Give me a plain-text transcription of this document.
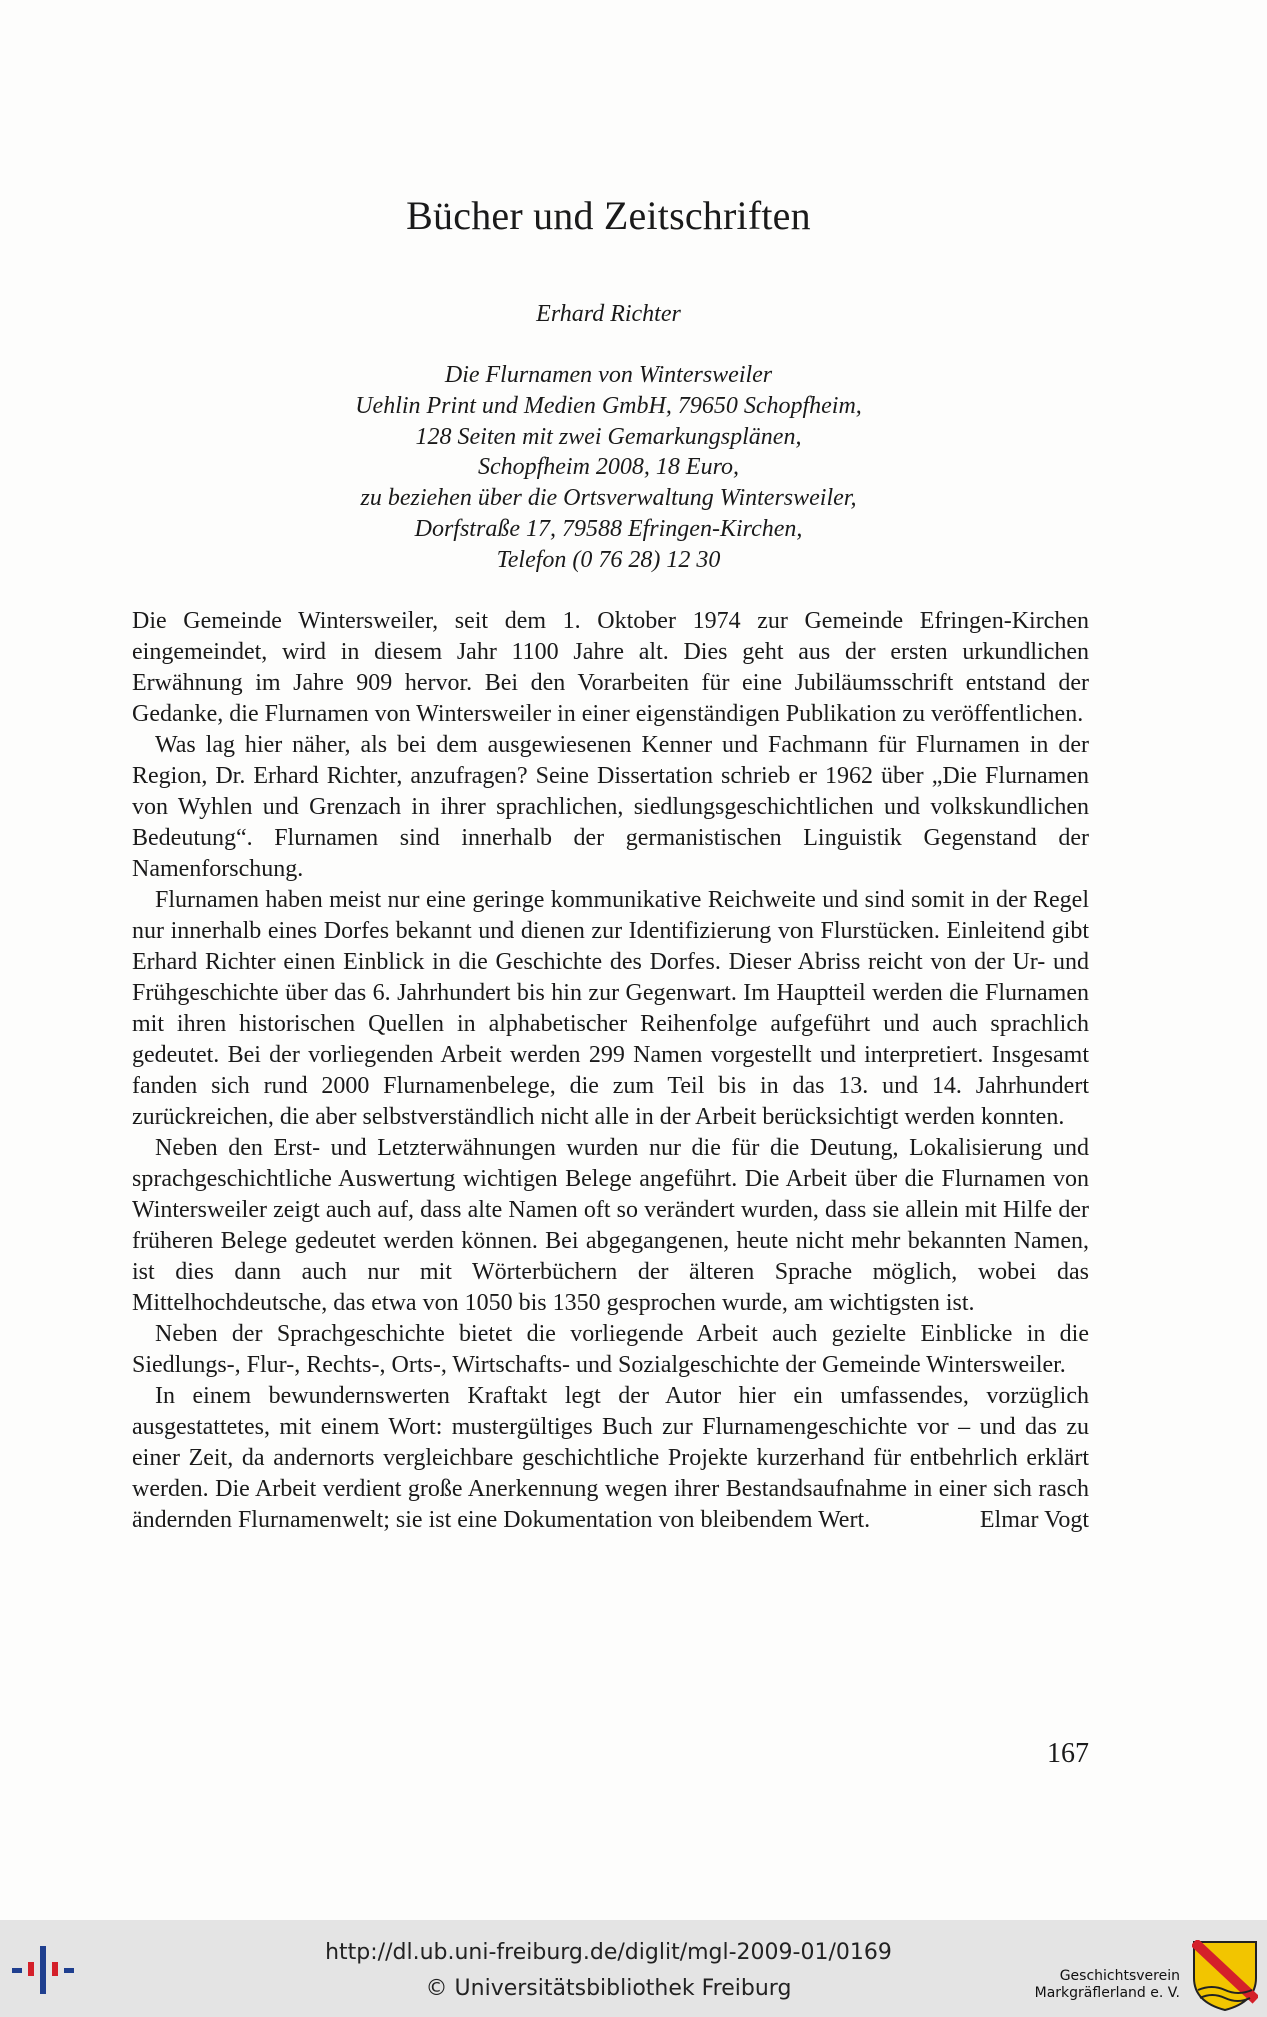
Bücher und Zeitschriften
Erhard Richter
Die Flurnamen von Wintersweiler
Uehlin Print und Medien GmbH, 79650 Schopfheim,
128 Seiten mit zwei Gemarkungsplänen,
Schopfheim 2008, 18 Euro,
zu beziehen über die Ortsverwaltung Wintersweiler,
Dorfstraße 17, 79588 Efringen-Kirchen,
Telefon (0 76 28) 12 30

Die Gemeinde Wintersweiler, seit dem 1. Oktober 1974 zur Gemeinde Efringen-Kirchen eingemeindet, wird in diesem Jahr 1100 Jahre alt. Dies geht aus der ersten urkundlichen Erwähnung im Jahre 909 hervor. Bei den Vorarbeiten für eine Jubiläumsschrift entstand der Gedanke, die Flurnamen von Wintersweiler in einer eigenständigen Publikation zu veröffentlichen.

Was lag hier näher, als bei dem ausgewiesenen Kenner und Fachmann für Flurnamen in der Region, Dr. Erhard Richter, anzufragen? Seine Dissertation schrieb er 1962 über „Die Flurnamen von Wyhlen und Grenzach in ihrer sprachlichen, siedlungsgeschichtlichen und volkskundlichen Bedeutung“. Flurnamen sind innerhalb der germanistischen Linguistik Gegenstand der Namenforschung.

Flurnamen haben meist nur eine geringe kommunikative Reichweite und sind somit in der Regel nur innerhalb eines Dorfes bekannt und dienen zur Identifizierung von Flurstücken. Einleitend gibt Erhard Richter einen Einblick in die Geschichte des Dorfes. Dieser Abriss reicht von der Ur- und Frühgeschichte über das 6. Jahrhundert bis hin zur Gegenwart. Im Hauptteil werden die Flurnamen mit ihren historischen Quellen in alphabetischer Reihenfolge aufgeführt und auch sprachlich gedeutet. Bei der vorliegenden Arbeit werden 299 Namen vorgestellt und interpretiert. Insgesamt fanden sich rund 2000 Flurnamenbelege, die zum Teil bis in das 13. und 14. Jahrhundert zurückreichen, die aber selbstverständlich nicht alle in der Arbeit berücksichtigt werden konnten.

Neben den Erst- und Letzterwähnungen wurden nur die für die Deutung, Lokalisierung und sprachgeschichtliche Auswertung wichtigen Belege angeführt. Die Arbeit über die Flurnamen von Wintersweiler zeigt auch auf, dass alte Namen oft so verändert wurden, dass sie allein mit Hilfe der früheren Belege gedeutet werden können. Bei abgegangenen, heute nicht mehr bekannten Namen, ist dies dann auch nur mit Wörterbüchern der älteren Sprache möglich, wobei das Mittelhochdeutsche, das etwa von 1050 bis 1350 gesprochen wurde, am wichtigsten ist.

Neben der Sprachgeschichte bietet die vorliegende Arbeit auch gezielte Einblicke in die Siedlungs-, Flur-, Rechts-, Orts-, Wirtschafts- und Sozialgeschichte der Gemeinde Wintersweiler.

In einem bewundernswerten Kraftakt legt der Autor hier ein umfassendes, vorzüglich ausgestattetes, mit einem Wort: mustergültiges Buch zur Flurnamengeschichte vor – und das zu einer Zeit, da andernorts vergleichbare geschichtliche Projekte kurzerhand für entbehrlich erklärt werden. Die Arbeit verdient große Anerkennung wegen ihrer Bestandsaufnahme in einer sich rasch ändernden Flurnamenwelt; sie ist eine Dokumentation von bleibendem Wert.	Elmar Vogt
167
http://dl.ub.uni-freiburg.de/diglit/mgl-2009-01/0169
© Universitätsbibliothek Freiburg	Geschichtsverein
Markgräflerland e. V.
